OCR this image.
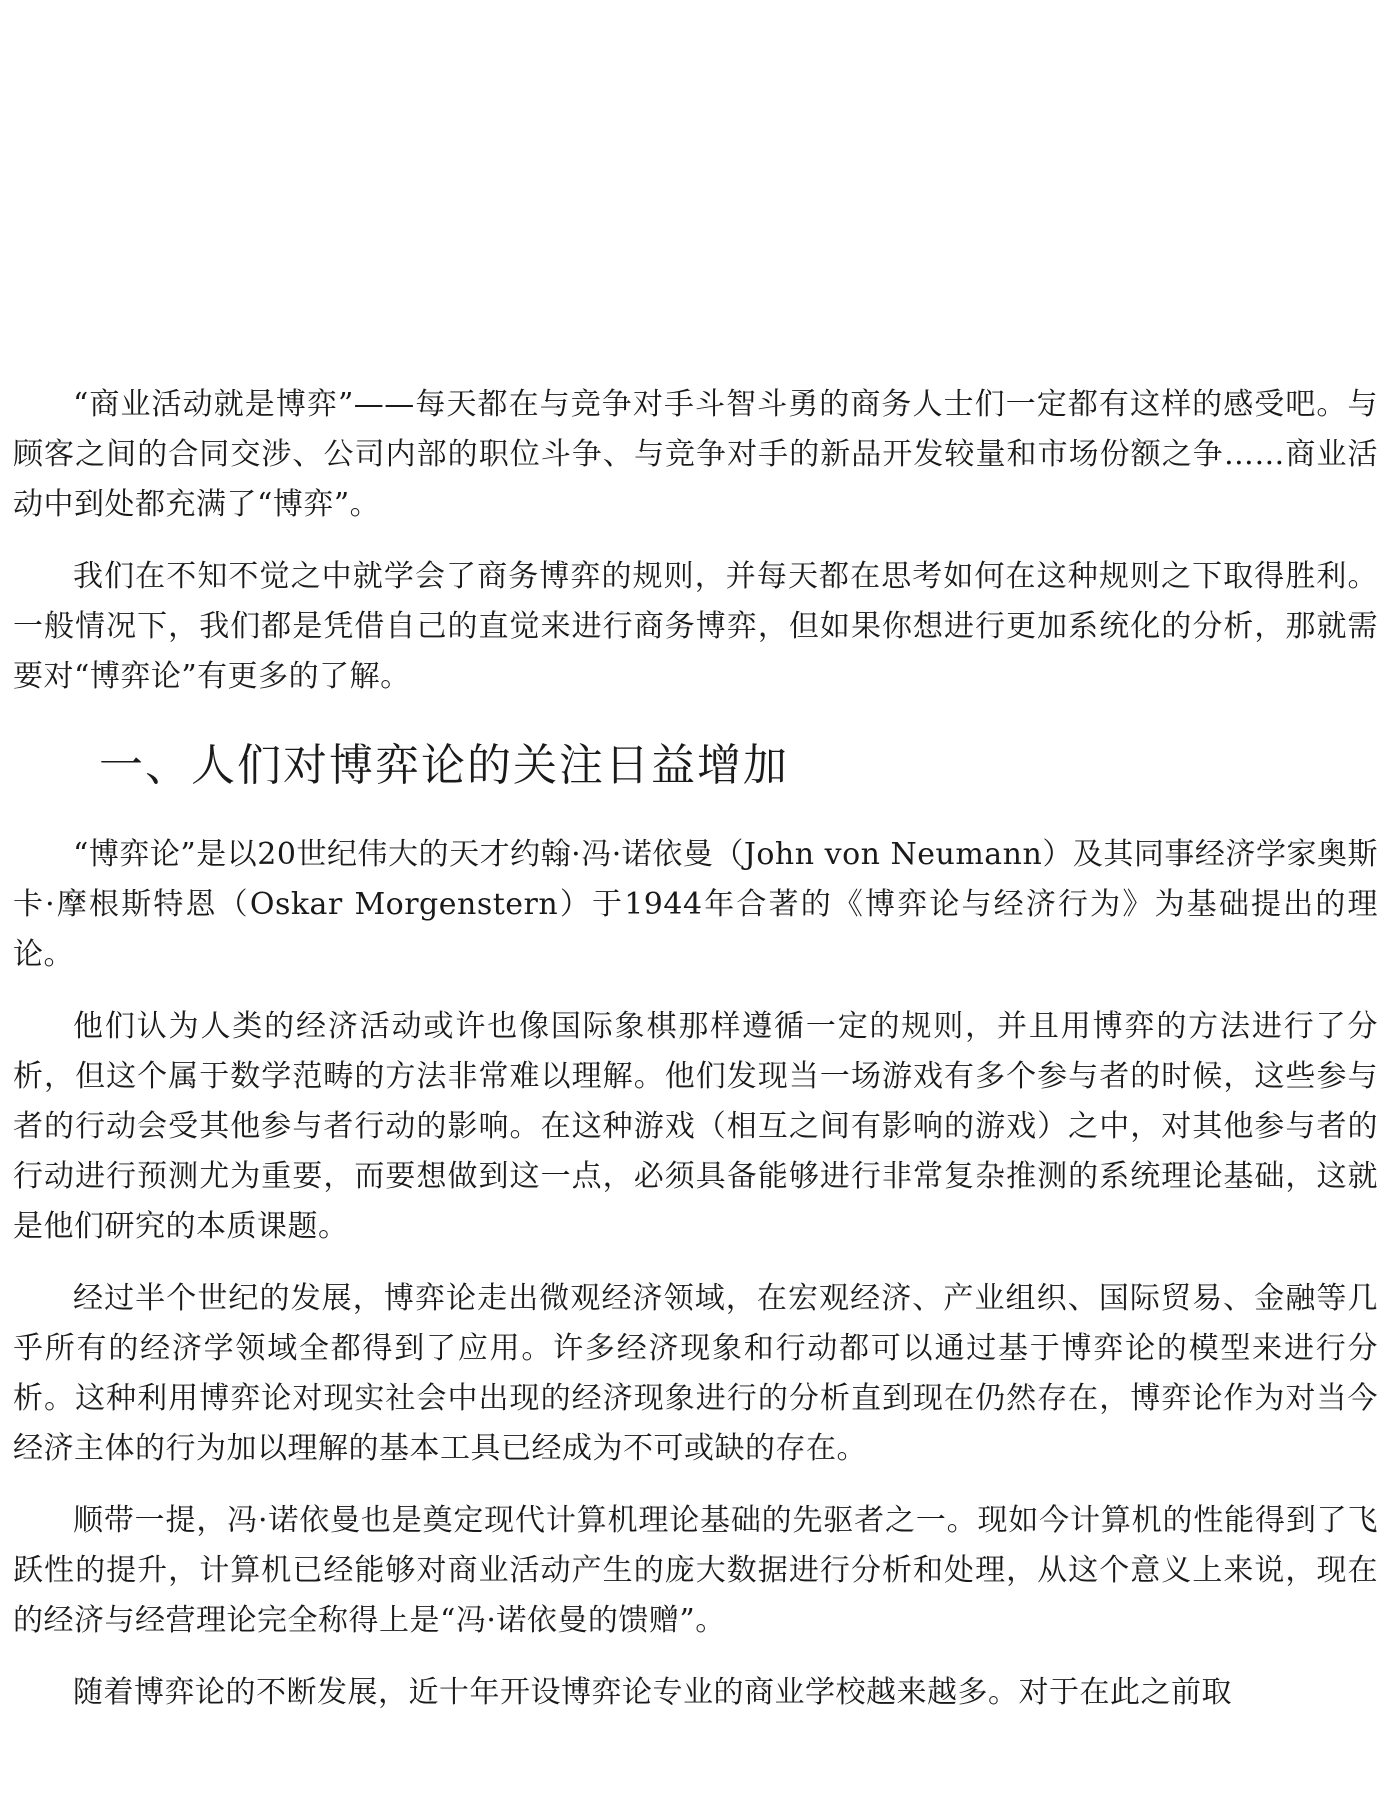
“商业活动就是博弈”——每天都在与竞争对手斗智斗勇的商务人士们一定都有这样的感受吧。与顾客之间的合同交涉、公司内部的职位斗争、与竞争对手的新品开发较量和市场份额之争……商业活动中到处都充满了“博弈”。

我们在不知不觉之中就学会了商务博弈的规则，并每天都在思考如何在这种规则之下取得胜利。一般情况下，我们都是凭借自己的直觉来进行商务博弈，但如果你想进行更加系统化的分析，那就需要对“博弈论”有更多的了解。

一、人们对博弈论的关注日益增加

“博弈论”是以20世纪伟大的天才约翰·冯·诺依曼（John von Neumann）及其同事经济学家奥斯卡·摩根斯特恩（Oskar Morgenstern）于1944年合著的《博弈论与经济行为》为基础提出的理论。

他们认为人类的经济活动或许也像国际象棋那样遵循一定的规则，并且用博弈的方法进行了分析，但这个属于数学范畴的方法非常难以理解。他们发现当一场游戏有多个参与者的时候，这些参与者的行动会受其他参与者行动的影响。在这种游戏（相互之间有影响的游戏）之中，对其他参与者的行动进行预测尤为重要，而要想做到这一点，必须具备能够进行非常复杂推测的系统理论基础，这就是他们研究的本质课题。

经过半个世纪的发展，博弈论走出微观经济领域，在宏观经济、产业组织、国际贸易、金融等几乎所有的经济学领域全都得到了应用。许多经济现象和行动都可以通过基于博弈论的模型来进行分析。这种利用博弈论对现实社会中出现的经济现象进行的分析直到现在仍然存在，博弈论作为对当今经济主体的行为加以理解的基本工具已经成为不可或缺的存在。

顺带一提，冯·诺依曼也是奠定现代计算机理论基础的先驱者之一。现如今计算机的性能得到了飞跃性的提升，计算机已经能够对商业活动产生的庞大数据进行分析和处理，从这个意义上来说，现在的经济与经营理论完全称得上是“冯·诺依曼的馈赠”。

随着博弈论的不断发展，近十年开设博弈论专业的商业学校越来越多。对于在此之前取
